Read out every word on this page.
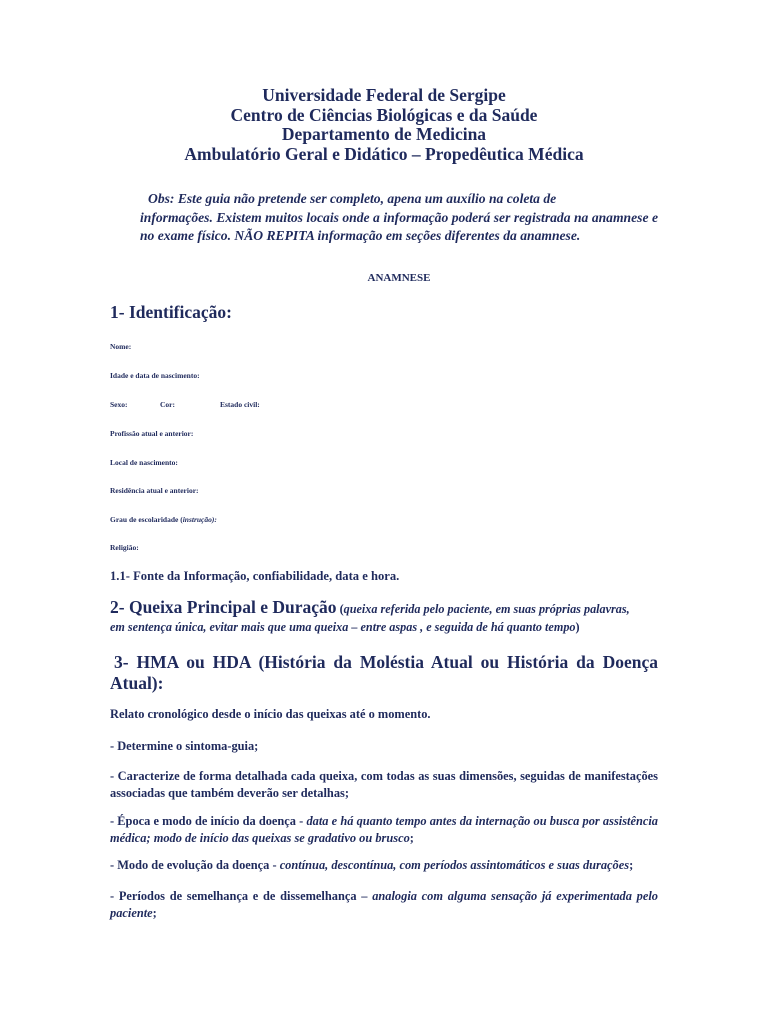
Universidade Federal de Sergipe
Centro de Ciências Biológicas e da Saúde
Departamento de Medicina
Ambulatório Geral e Didático – Propedêutica Médica
Obs: Este guia não pretende ser completo, apena um auxílio na coleta de
informações. Existem muitos locais onde a informação poderá ser registrada na anamnese e no exame físico. NÃO REPITA informação em seções diferentes da anamnese.
ANAMNESE
1- Identificação:
Nome:
Idade e data de nascimento:
Sexo:	Cor:	Estado civil:
Profissão atual e anterior:
Local de nascimento:
Residência atual e anterior:
Grau de escolaridade (instrução):
Religião:
1.1- Fonte da Informação, confiabilidade, data e hora.
2- Queixa Principal e Duração (queixa referida pelo paciente, em suas próprias palavras,
em sentença única, evitar mais que uma queixa – entre aspas , e seguida de há quanto tempo)
3- HMA ou HDA (História da Moléstia Atual ou História da Doença Atual):
Relato cronológico desde o início das queixas até o momento.
- Determine o sintoma-guia;
- Caracterize de forma detalhada cada queixa, com todas as suas dimensões, seguidas de manifestações associadas que também deverão ser detalhas;
- Época e modo de início da doença - data e há quanto tempo antes da internação ou busca por assistência médica; modo de início das queixas se gradativo ou brusco;
- Modo de evolução da doença - contínua, descontínua, com períodos assintomáticos e suas durações;
- Períodos de semelhança e de dissemelhança – analogia com alguma sensação já experimentada pelo paciente;
